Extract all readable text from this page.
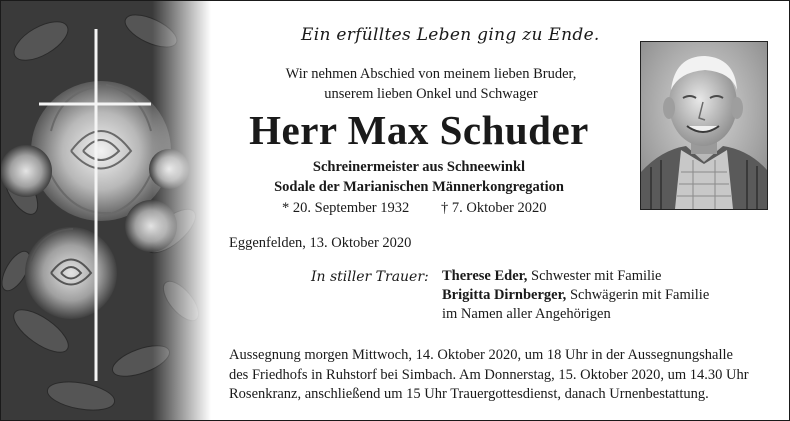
Ein erfülltes Leben ging zu Ende.
Wir nehmen Abschied von meinem lieben Bruder,
unserem lieben Onkel und Schwager
Herr Max Schuder
Schreinermeister aus Schneewinkl
Sodale der Marianischen Männerkongregation
* 20. September 1932 † 7. Oktober 2020
Eggenfelden, 13. Oktober 2020
In stiller Trauer: Therese Eder, Schwester mit Familie
Brigitta Dirnberger, Schwägerin mit Familie
im Namen aller Angehörigen
Aussegnung morgen Mittwoch, 14. Oktober 2020, um 18 Uhr in der Aussegnungshalle
des Friedhofs in Ruhstorf bei Simbach. Am Donnerstag, 15. Oktober 2020, um 14.30 Uhr
Rosenkranz, anschließend um 15 Uhr Trauergottesdienst, danach Urnenbestattung.
